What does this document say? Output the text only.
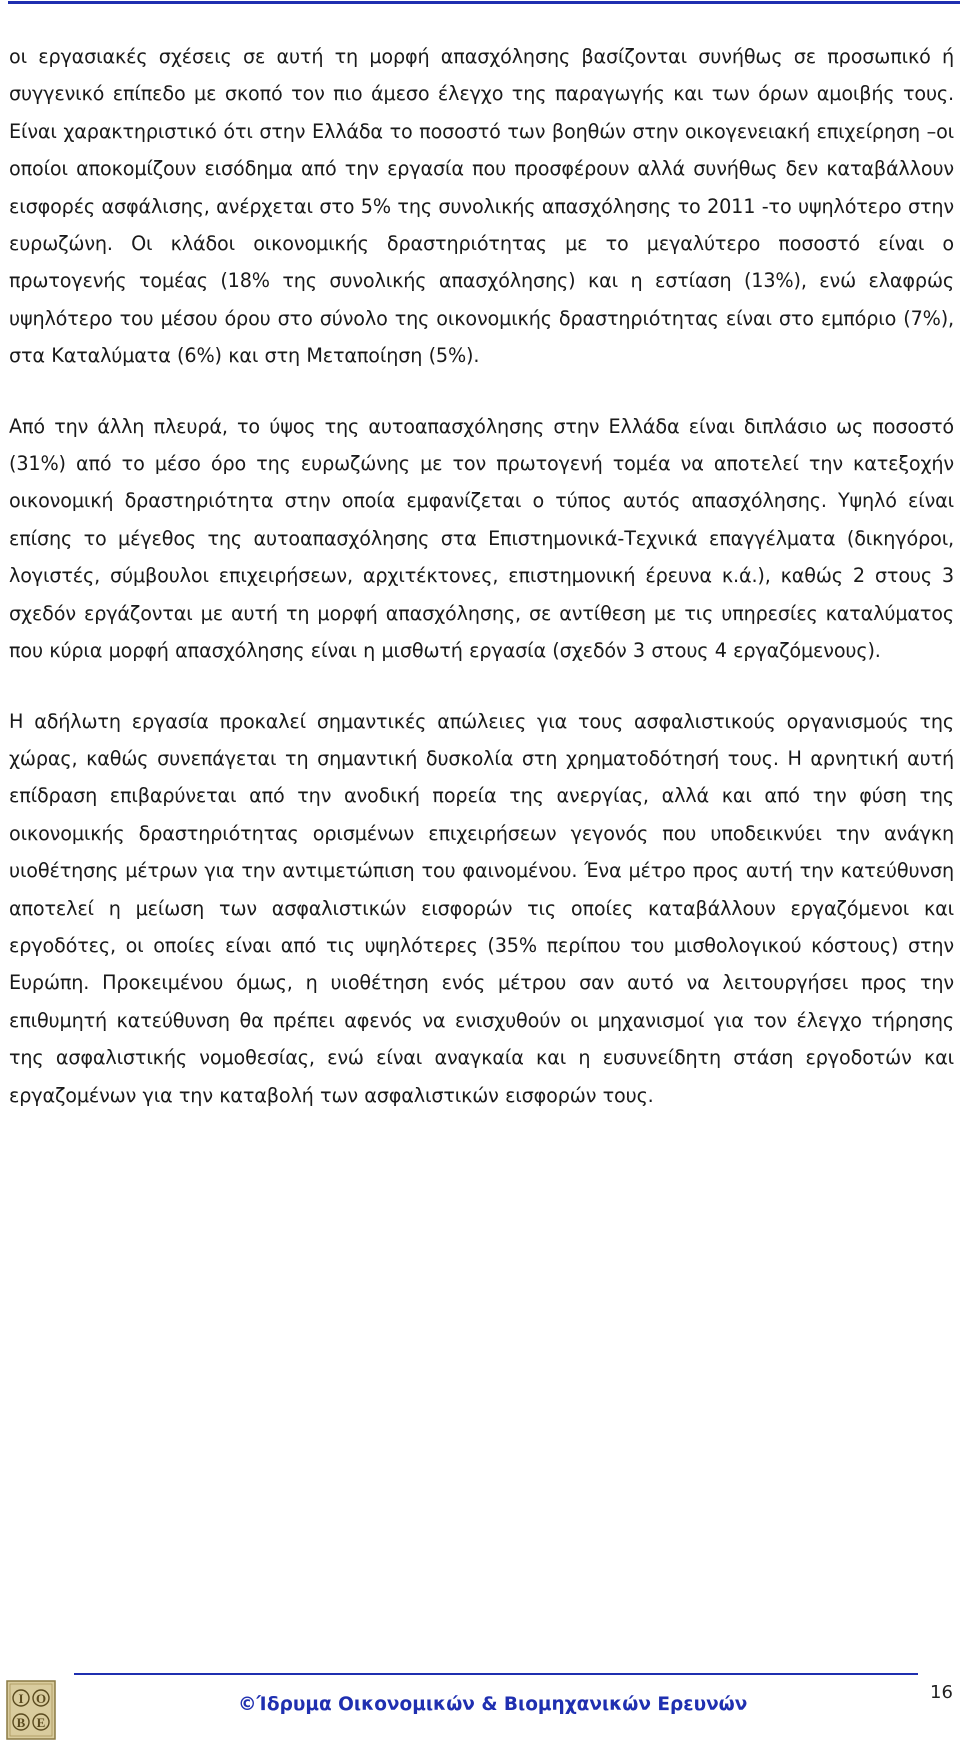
οι εργασιακές σχέσεις σε αυτή τη μορφή απασχόλησης βασίζονται συνήθως σε προσωπικό ή συγγενικό επίπεδο με σκοπό τον πιο άμεσο έλεγχο της παραγωγής και των όρων αμοιβής τους. Είναι χαρακτηριστικό ότι στην Ελλάδα το ποσοστό των βοηθών στην οικογενειακή επιχείρηση –οι οποίοι αποκομίζουν εισόδημα από την εργασία που προσφέρουν αλλά συνήθως δεν καταβάλλουν εισφορές ασφάλισης, ανέρχεται στο 5% της συνολικής απασχόλησης το 2011 -το υψηλότερο στην ευρωζώνη. Οι κλάδοι οικονομικής δραστηριότητας με το μεγαλύτερο ποσοστό είναι ο πρωτογενής τομέας (18% της συνολικής απασχόλησης) και η εστίαση (13%), ενώ ελαφρώς υψηλότερο του μέσου όρου στο σύνολο της οικονομικής δραστηριότητας είναι στο εμπόριο (7%), στα Καταλύματα (6%) και στη Μεταποίηση (5%).

Από την άλλη πλευρά, το ύψος της αυτοαπασχόλησης στην Ελλάδα είναι διπλάσιο ως ποσοστό (31%) από το μέσο όρο της ευρωζώνης με τον πρωτογενή τομέα να αποτελεί την κατεξοχήν οικονομική δραστηριότητα στην οποία εμφανίζεται ο τύπος αυτός απασχόλησης. Υψηλό είναι επίσης το μέγεθος της αυτοαπασχόλησης στα Επιστημονικά-Τεχνικά επαγγέλματα (δικηγόροι, λογιστές, σύμβουλοι επιχειρήσεων, αρχιτέκτονες, επιστημονική έρευνα κ.ά.), καθώς 2 στους 3 σχεδόν εργάζονται με αυτή τη μορφή απασχόλησης, σε αντίθεση με τις υπηρεσίες καταλύματος που κύρια μορφή απασχόλησης είναι η μισθωτή εργασία (σχεδόν 3 στους 4 εργαζόμενους).

Η αδήλωτη εργασία προκαλεί σημαντικές απώλειες για τους ασφαλιστικούς οργανισμούς της χώρας, καθώς συνεπάγεται τη σημαντική δυσκολία στη χρηματοδότησή τους. Η αρνητική αυτή επίδραση επιβαρύνεται από την ανοδική πορεία της ανεργίας, αλλά και από την φύση της οικονομικής δραστηριότητας ορισμένων επιχειρήσεων γεγονός που υποδεικνύει την ανάγκη υιοθέτησης μέτρων για την αντιμετώπιση του φαινομένου. Ένα μέτρο προς αυτή την κατεύθυνση αποτελεί η μείωση των ασφαλιστικών εισφορών τις οποίες καταβάλλουν εργαζόμενοι και εργοδότες, οι οποίες είναι από τις υψηλότερες (35% περίπου του μισθολογικού κόστους) στην Ευρώπη. Προκειμένου όμως, η υιοθέτηση ενός μέτρου σαν αυτό να λειτουργήσει προς την επιθυμητή κατεύθυνση θα πρέπει αφενός να ενισχυθούν οι μηχανισμοί για τον έλεγχο τήρησης της ασφαλιστικής νομοθεσίας, ενώ είναι αναγκαία και η ευσυνείδητη στάση εργοδοτών και εργαζομένων για την καταβολή των ασφαλιστικών εισφορών τους.

I O
B E
©Ίδρυμα Οικονομικών & Βιομηχανικών Ερευνών
16
